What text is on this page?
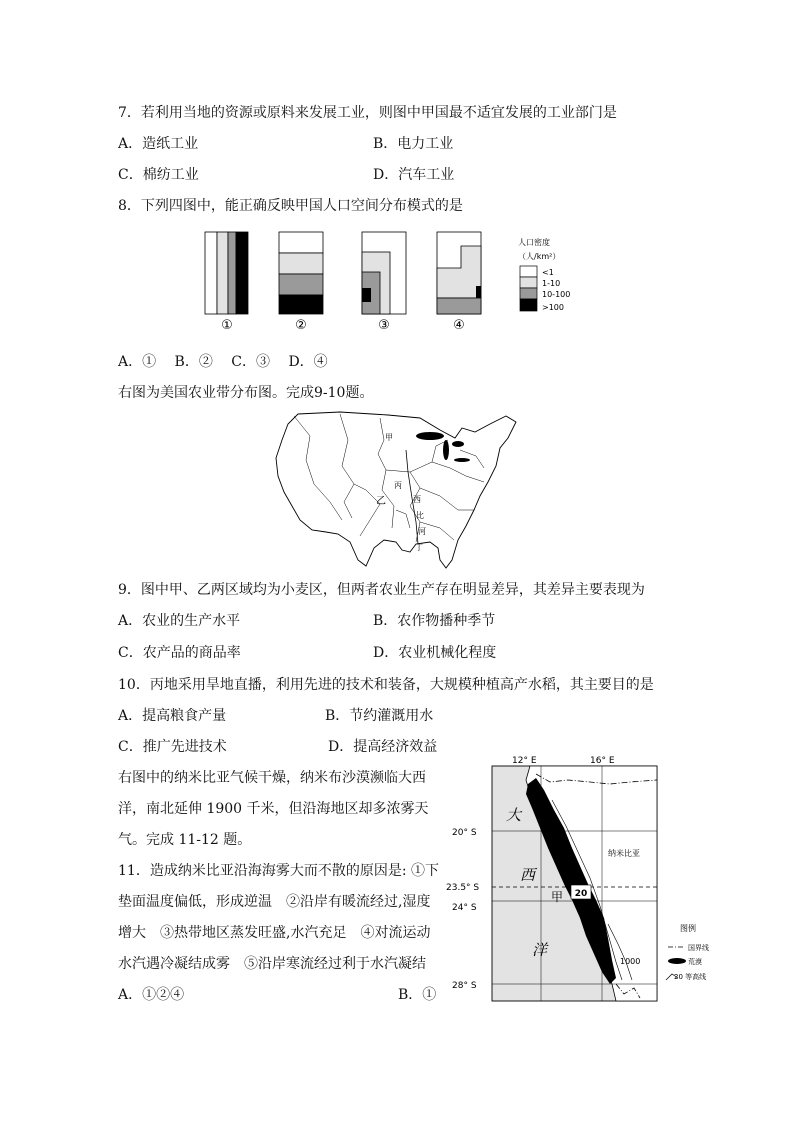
7．若利用当地的资源或原料来发展工业，则图中甲国最不适宜发展的工业部门是
A．造纸工业	B．电力工业
C．棉纺工业	D．汽车工业
8．下列四图中，能正确反映甲国人口空间分布模式的是
①	②	③	④
人口密度
（人/km²）
<1
1-10
10-100
>100
A．①　 B．②　 C．③　 D．④
右图为美国农业带分布图。完成9-10题。
甲
丙
乙	西
比
河
丁
9．图中甲、乙两区域均为小麦区，但两者农业生产存在明显差异，其差异主要表现为
A．农业的生产水平	B．农作物播种季节
C．农产品的商品率	D．农业机械化程度
10．丙地采用旱地直播，利用先进的技术和装备，大规模种植高产水稻，其主要目的是
A．提高粮食产量	B．节约灌溉用水
C．推广先进技术	D．提高经济效益
右图中的纳米比亚气候干燥，纳米布沙漠濒临大西
洋，南北延伸 1900 千米，但沿海地区却多浓雾天
气。完成 11-12 题。
11．造成纳米比亚沿海海雾大而不散的原因是: ①下
垫面温度偏低，形成逆温　②沿岸有暖流经过,湿度
增大　③热带地区蒸发旺盛,水汽充足　④对流运动
水汽遇冷凝结成雾　⑤沿岸寒流经过利于水汽凝结
A．①②④	B．①
12° E	16° E
20
1000
纳米比亚
甲
大
西
洋
20° S
23.5° S
24° S
28° S
图例
国界线
荒漠
20 等高线
